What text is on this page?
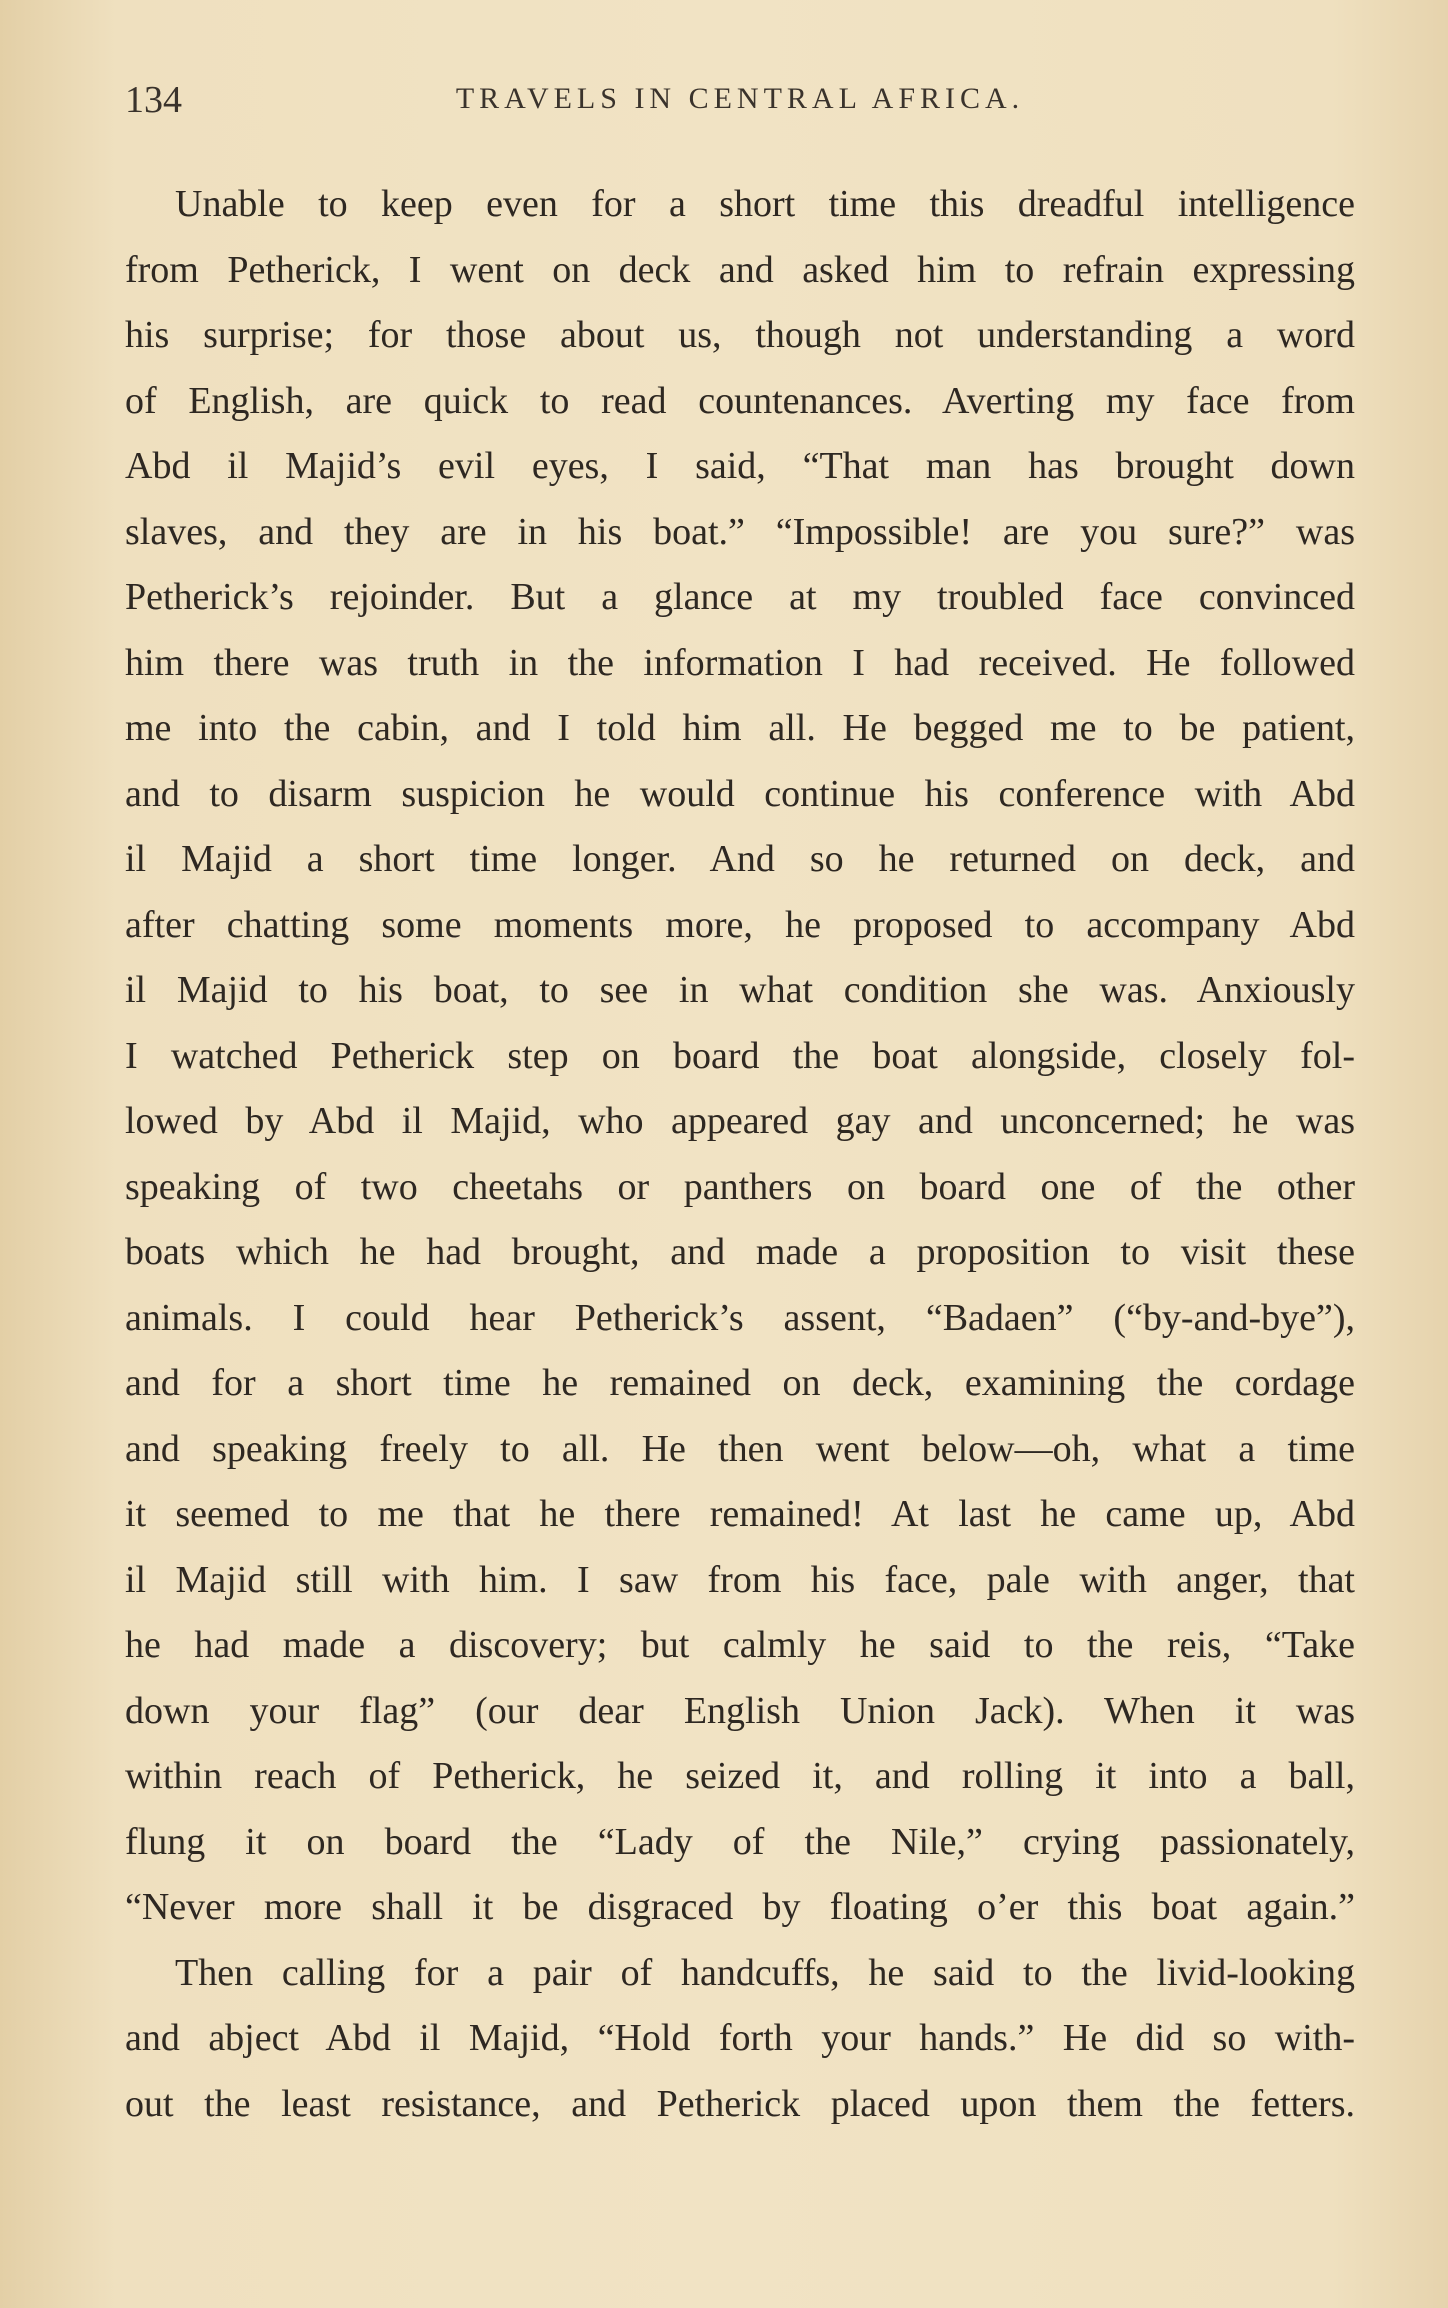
134	TRAVELS IN CENTRAL AFRICA.
Unable to keep even for a short time this dreadful intelligence
from Petherick, I went on deck and asked him to refrain expressing
his surprise; for those about us, though not understanding a word
of English, are quick to read countenances. Averting my face from
Abd il Majid’s evil eyes, I said, “That man has brought down
slaves, and they are in his boat.” “Impossible! are you sure?” was
Petherick’s rejoinder. But a glance at my troubled face convinced
him there was truth in the information I had received. He followed
me into the cabin, and I told him all. He begged me to be patient,
and to disarm suspicion he would continue his conference with Abd
il Majid a short time longer. And so he returned on deck, and
after chatting some moments more, he proposed to accompany Abd
il Majid to his boat, to see in what condition she was. Anxiously
I watched Petherick step on board the boat alongside, closely fol-
lowed by Abd il Majid, who appeared gay and unconcerned; he was
speaking of two cheetahs or panthers on board one of the other
boats which he had brought, and made a proposition to visit these
animals. I could hear Petherick’s assent, “Badaen” (“by-and-bye”),
and for a short time he remained on deck, examining the cordage
and speaking freely to all. He then went below—oh, what a time
it seemed to me that he there remained! At last he came up, Abd
il Majid still with him. I saw from his face, pale with anger, that
he had made a discovery; but calmly he said to the reis, “Take
down your flag” (our dear English Union Jack). When it was
within reach of Petherick, he seized it, and rolling it into a ball,
flung it on board the “Lady of the Nile,” crying passionately,
“Never more shall it be disgraced by floating o’er this boat again.”
Then calling for a pair of handcuffs, he said to the livid-looking
and abject Abd il Majid, “Hold forth your hands.” He did so with-
out the least resistance, and Petherick placed upon them the fetters.
